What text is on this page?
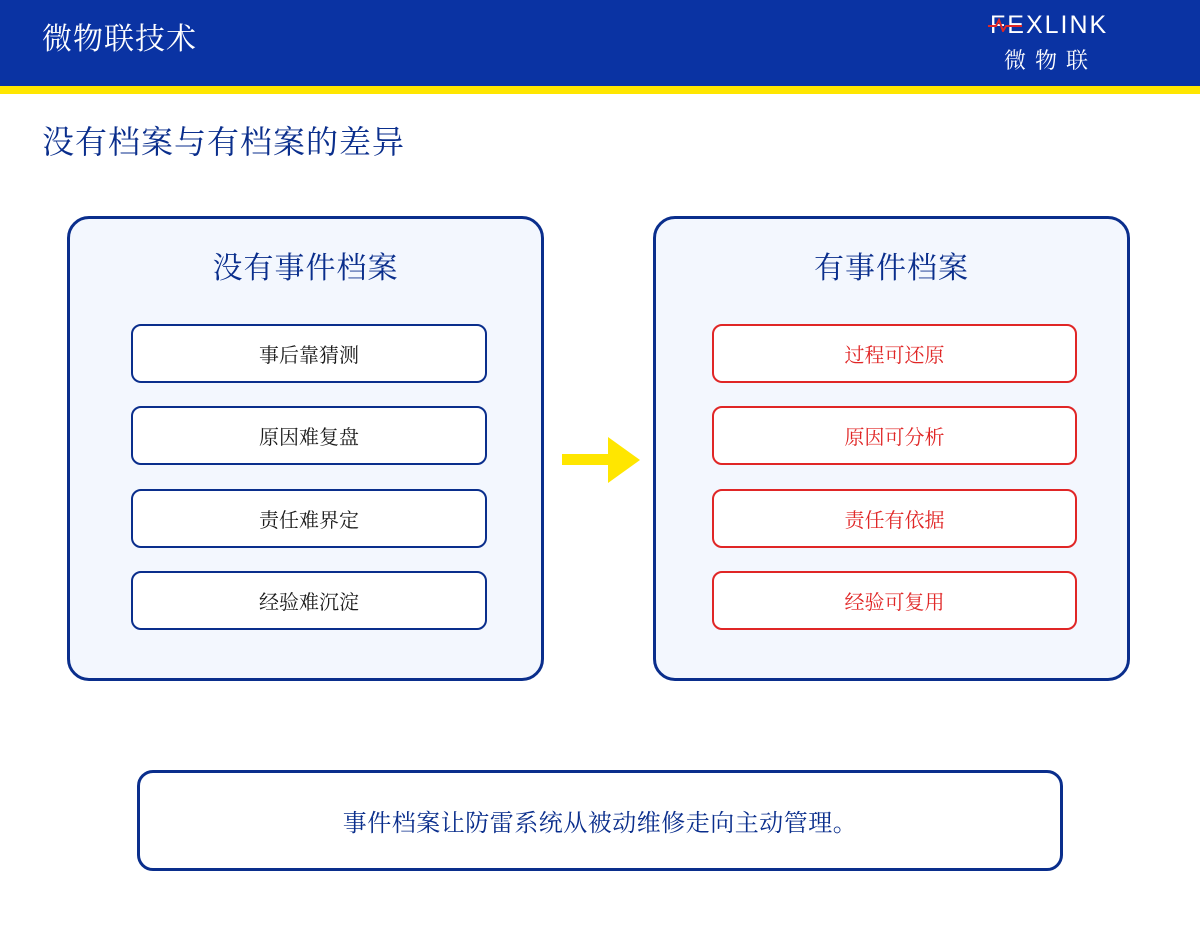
微物联技术	FEXLINK
微物联
没有档案与有档案的差异
没有事件档案
事后靠猜测
原因难复盘
责任难界定
经验难沉淀
有事件档案
过程可还原
原因可分析
责任有依据
经验可复用
事件档案让防雷系统从被动维修走向主动管理。
